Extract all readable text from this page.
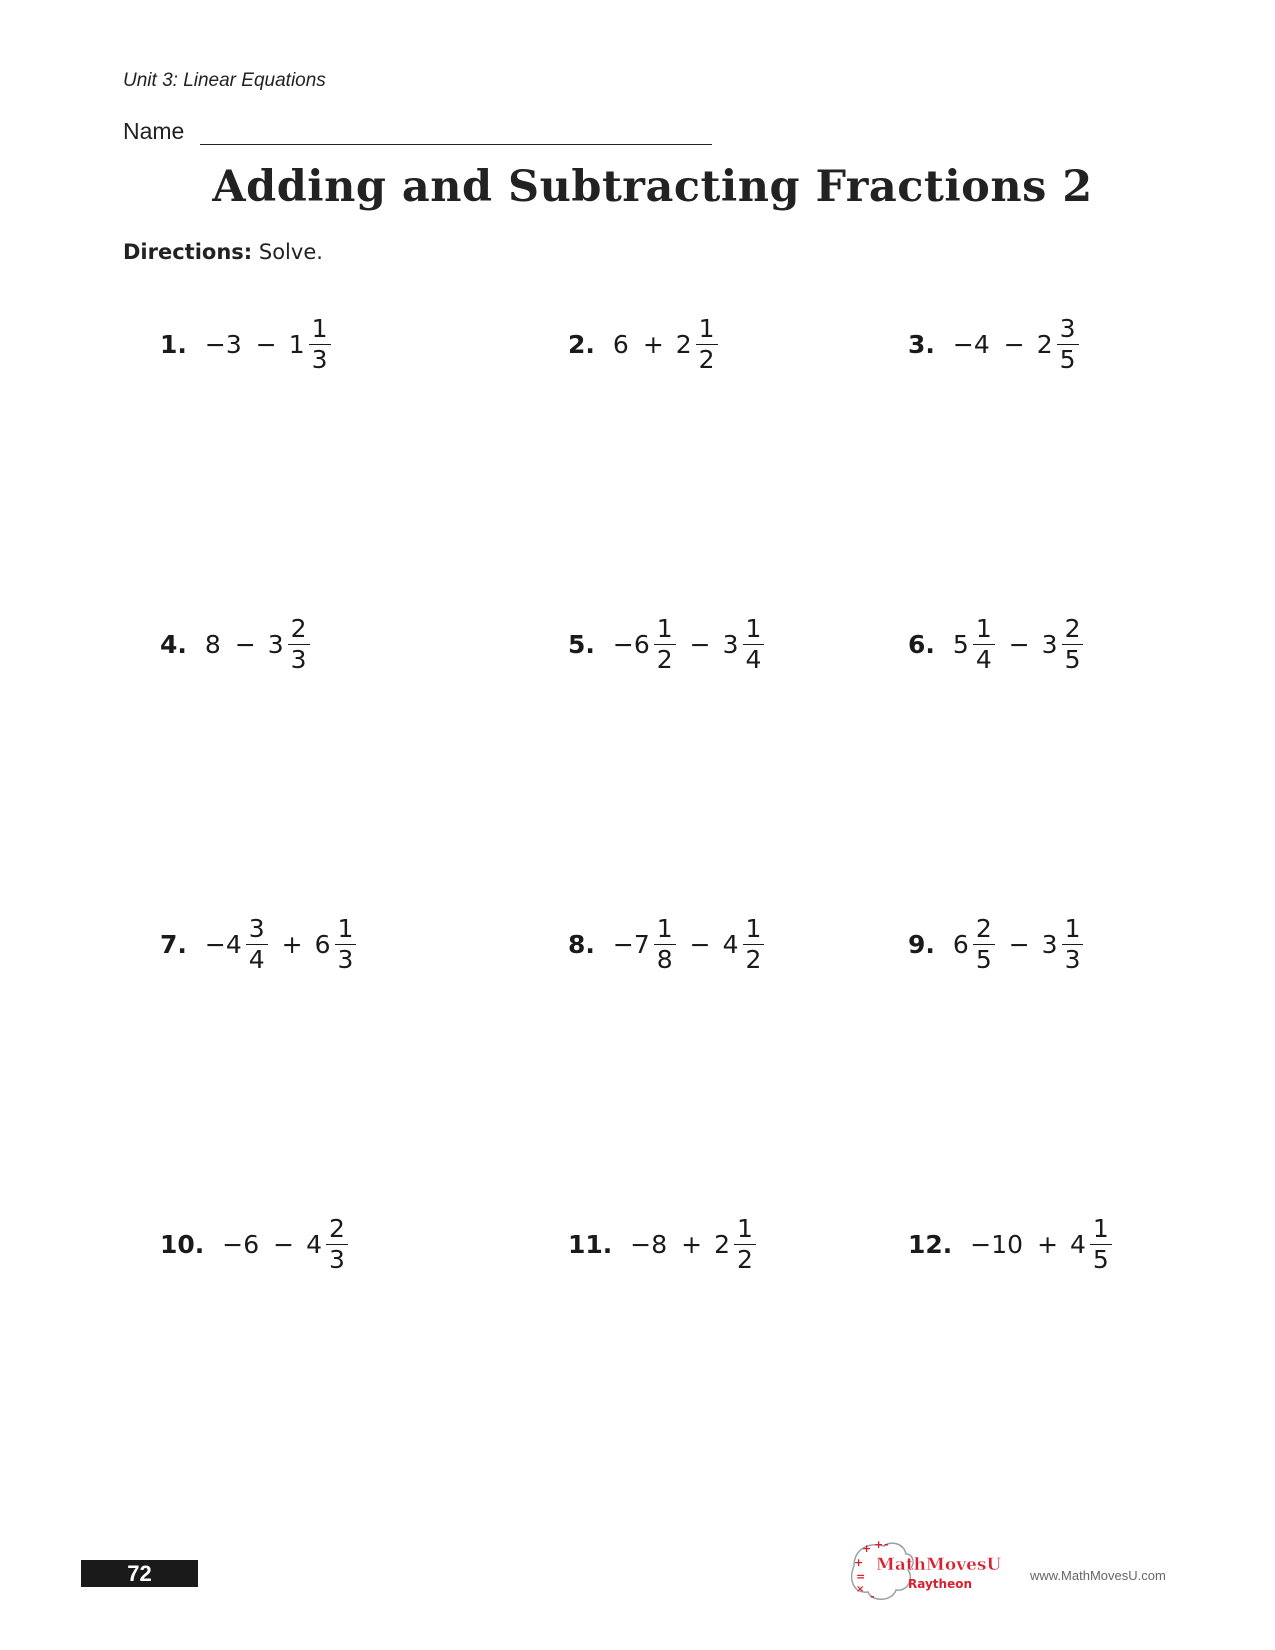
Unit 3: Linear Equations
Name
Adding and Subtracting Fractions 2
Directions: Solve.
1. $-3 - 1 \frac{1}{3}$	2. $6 + 2 \frac{1}{2}$	3. $-4 - 2 \frac{3}{5}$
4. $8 - 3 \frac{2}{3}$	5. $-6 \frac{1}{2} - 3 \frac{1}{4}$	6. $5 \frac{1}{4} - 3 \frac{2}{5}$
7. $-4 \frac{3}{4} + 6 \frac{1}{3}$	8. $-7 \frac{1}{8} - 4 \frac{1}{2}$	9. $6 \frac{2}{5} - 3 \frac{1}{3}$
10. $-6 - 4 \frac{2}{3}$	11. $-8 + 2 \frac{1}{2}$	12. $-10 + 4 \frac{1}{5}$
72
+ + -
+
=
×
-
MathMovesU
Raytheon
www.MathMovesU.com
